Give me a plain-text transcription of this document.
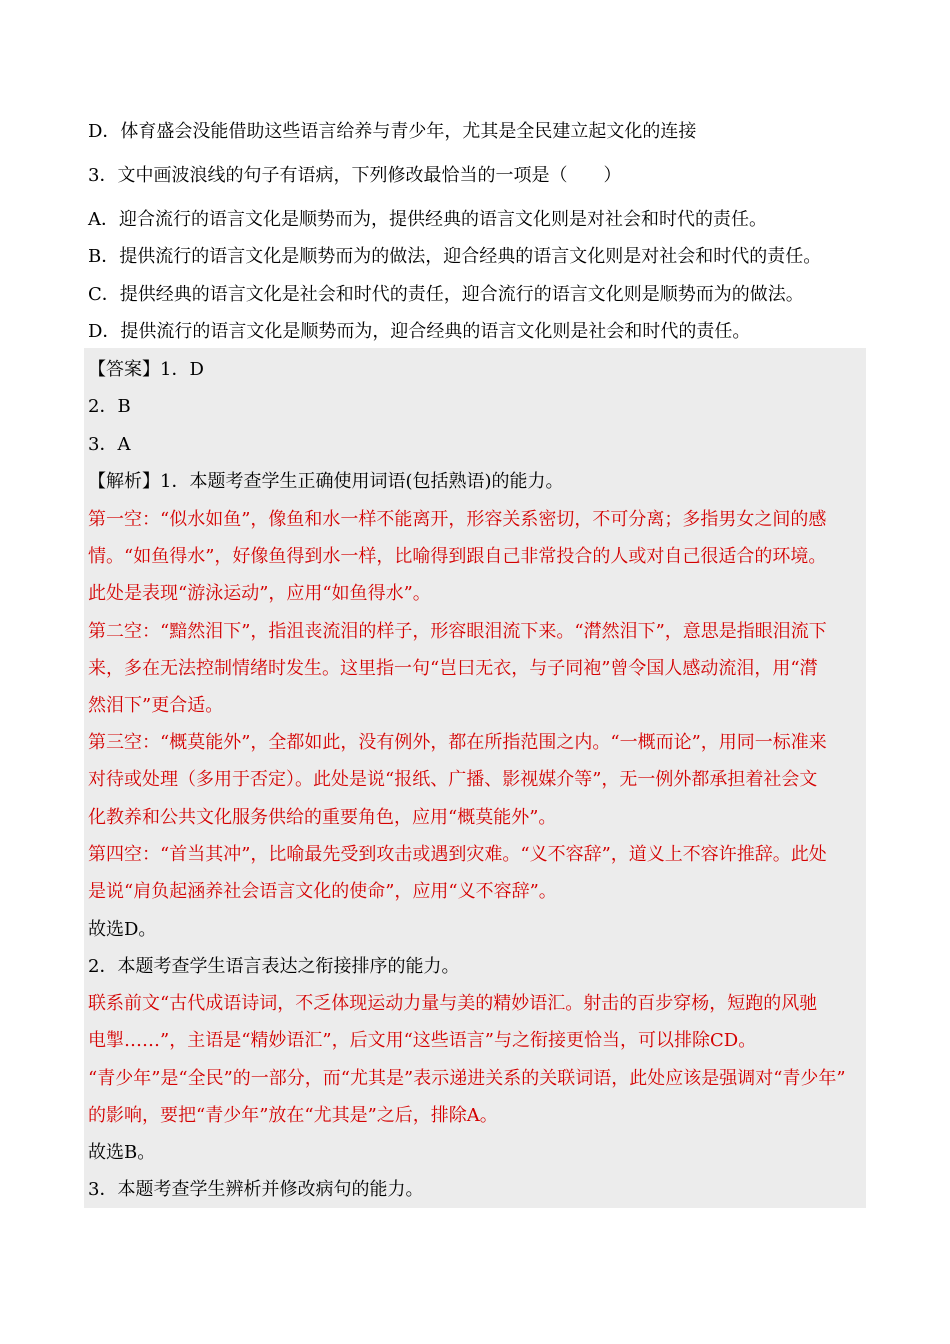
D．体育盛会没能借助这些语言给养与青少年，尤其是全民建立起文化的连接
3．文中画波浪线的句子有语病，下列修改最恰当的一项是（　　）
A．迎合流行的语言文化是顺势而为，提供经典的语言文化则是对社会和时代的责任。
B．提供流行的语言文化是顺势而为的做法，迎合经典的语言文化则是对社会和时代的责任。
C．提供经典的语言文化是社会和时代的责任，迎合流行的语言文化则是顺势而为的做法。
D．提供流行的语言文化是顺势而为，迎合经典的语言文化则是社会和时代的责任。
【答案】1．D
2．B
3．A
【解析】1．本题考查学生正确使用词语(包括熟语)的能力。
第一空：“似水如鱼”，像鱼和水一样不能离开，形容关系密切，不可分离；多指男女之间的感
情。“如鱼得水”，好像鱼得到水一样，比喻得到跟自己非常投合的人或对自己很适合的环境。
此处是表现“游泳运动”，应用“如鱼得水”。
第二空：“黯然泪下”，指沮丧流泪的样子，形容眼泪流下来。“潸然泪下”，意思是指眼泪流下
来，多在无法控制情绪时发生。这里指一句“岂曰无衣，与子同袍”曾令国人感动流泪，用“潸
然泪下”更合适。
第三空：“概莫能外”，全都如此，没有例外，都在所指范围之内。“一概而论”，用同一标准来
对待或处理（多用于否定）。此处是说“报纸、广播、影视媒介等”，无一例外都承担着社会文
化教养和公共文化服务供给的重要角色，应用“概莫能外”。
第四空：“首当其冲”，比喻最先受到攻击或遇到灾难。“义不容辞”，道义上不容许推辞。此处
是说“肩负起涵养社会语言文化的使命”，应用“义不容辞”。
故选D。
2．本题考查学生语言表达之衔接排序的能力。
联系前文“古代成语诗词，不乏体现运动力量与美的精妙语汇。射击的百步穿杨，短跑的风驰
电掣……”，主语是“精妙语汇”，后文用“这些语言”与之衔接更恰当，可以排除CD。
“青少年”是“全民”的一部分，而“尤其是”表示递进关系的关联词语，此处应该是强调对“青少年”
的影响，要把“青少年”放在“尤其是”之后，排除A。
故选B。
3．本题考查学生辨析并修改病句的能力。
